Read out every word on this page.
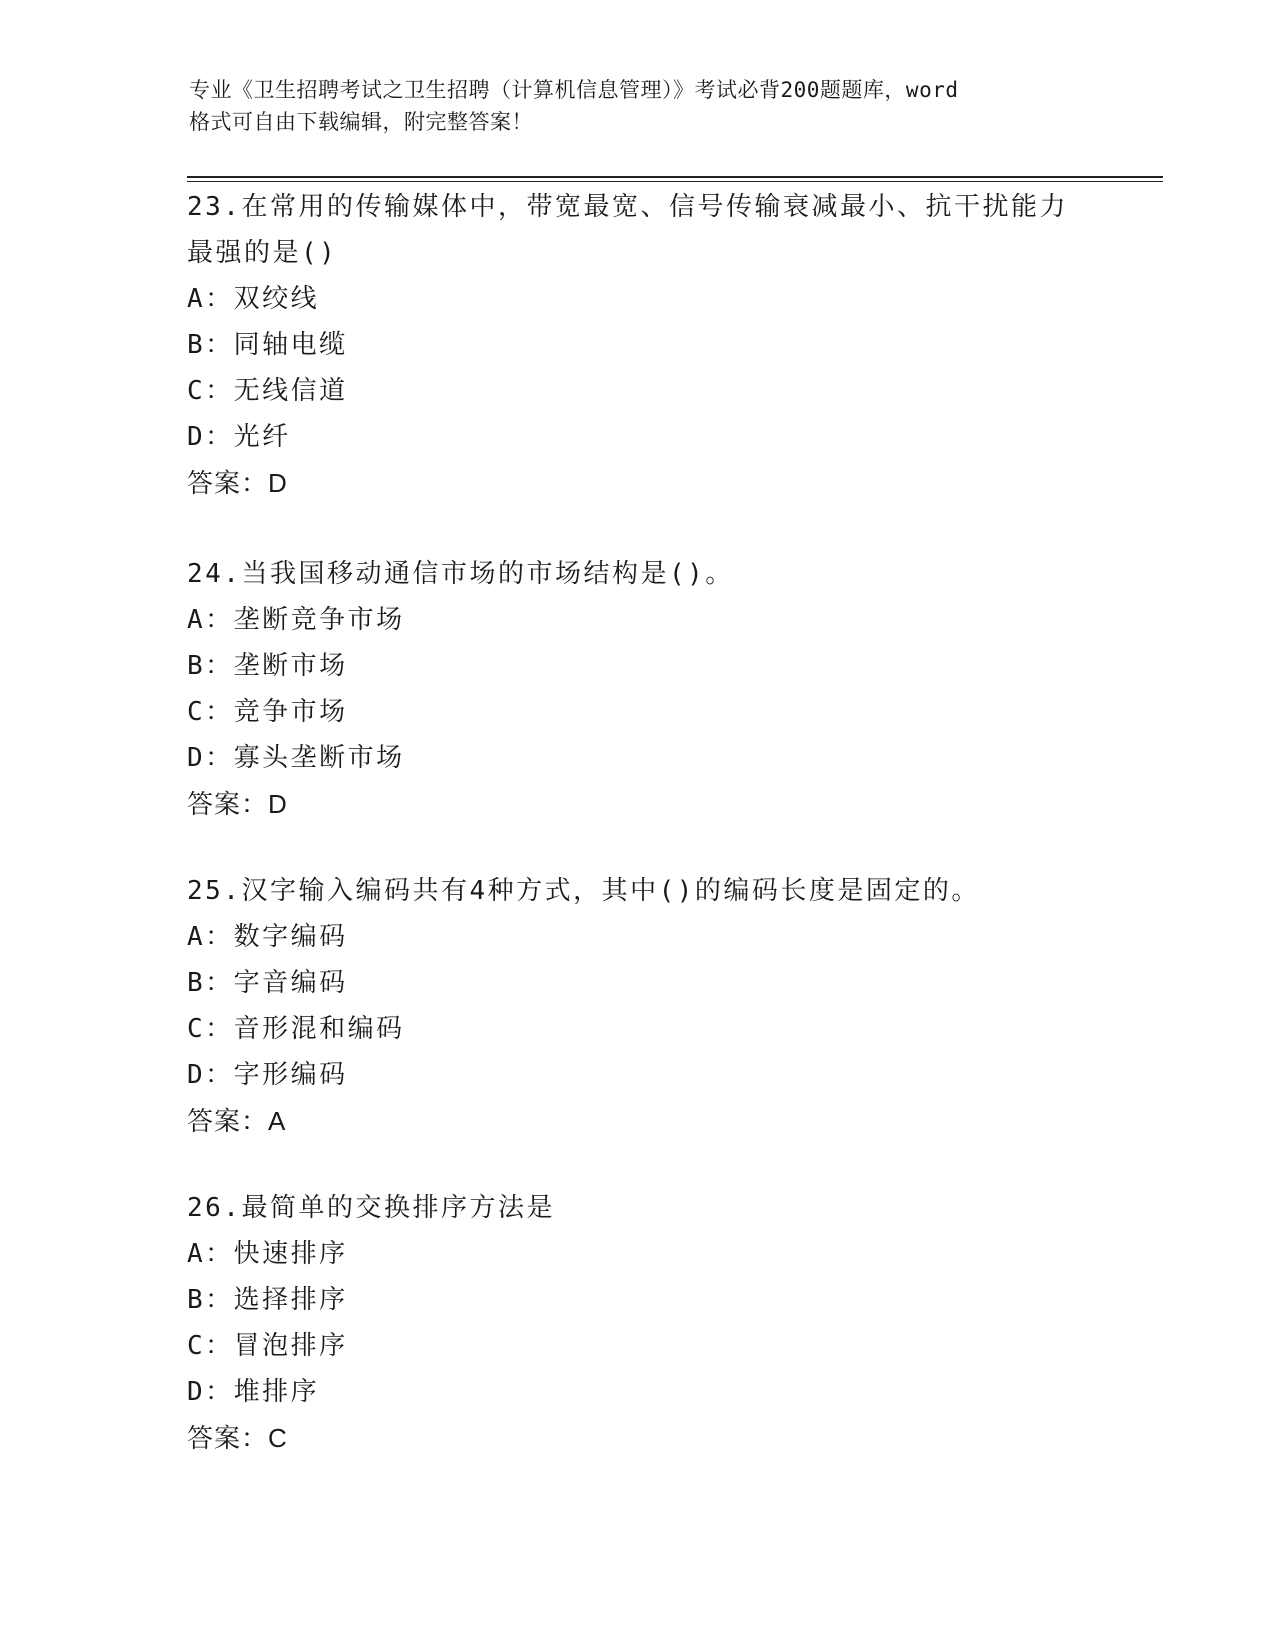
专业《卫生招聘考试之卫生招聘（计算机信息管理）》考试必背200题题库，word
格式可自由下载编辑，附完整答案！
23.在常用的传输媒体中，带宽最宽、信号传输衰减最小、抗干扰能力
最强的是()
A：双绞线
B：同轴电缆
C：无线信道
D：光纤
答案：D
24.当我国移动通信市场的市场结构是()。
A：垄断竞争市场
B：垄断市场
C：竞争市场
D：寡头垄断市场
答案：D
25.汉字输入编码共有4种方式，其中()的编码长度是固定的。
A：数字编码
B：字音编码
C：音形混和编码
D：字形编码
答案：A
26.最简单的交换排序方法是
A：快速排序
B：选择排序
C：冒泡排序
D：堆排序
答案：C
